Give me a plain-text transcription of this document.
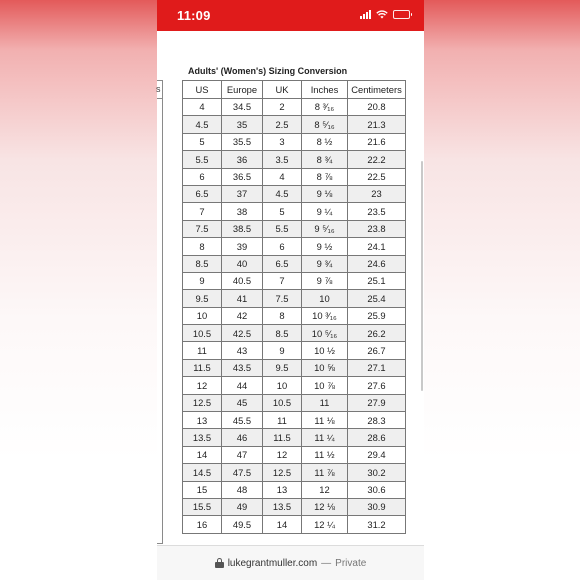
11:09
s
Adults' (Women's) Sizing Conversion
US	Europe	UK	Inches	Centimeters
4	34.5	2	8 ³⁄₁₆	20.8
4.5	35	2.5	8 ⁵⁄₁₆	21.3
5	35.5	3	8 ½	21.6
5.5	36	3.5	8 ¾	22.2
6	36.5	4	8 ⅞	22.5
6.5	37	4.5	9 ⅛	23
7	38	5	9 ¼	23.5
7.5	38.5	5.5	9 ⁵⁄₁₆	23.8
8	39	6	9 ½	24.1
8.5	40	6.5	9 ¾	24.6
9	40.5	7	9 ⅞	25.1
9.5	41	7.5	10	25.4
10	42	8	10 ³⁄₁₆	25.9
10.5	42.5	8.5	10 ⁵⁄₁₆	26.2
11	43	9	10 ½	26.7
11.5	43.5	9.5	10 ⅝	27.1
12	44	10	10 ⅞	27.6
12.5	45	10.5	11	27.9
13	45.5	11	11 ⅛	28.3
13.5	46	11.5	11 ¼	28.6
14	47	12	11 ½	29.4
14.5	47.5	12.5	11 ⅞	30.2
15	48	13	12	30.6
15.5	49	13.5	12 ⅛	30.9
16	49.5	14	12 ¼	31.2
lukegrantmuller.com — Private
